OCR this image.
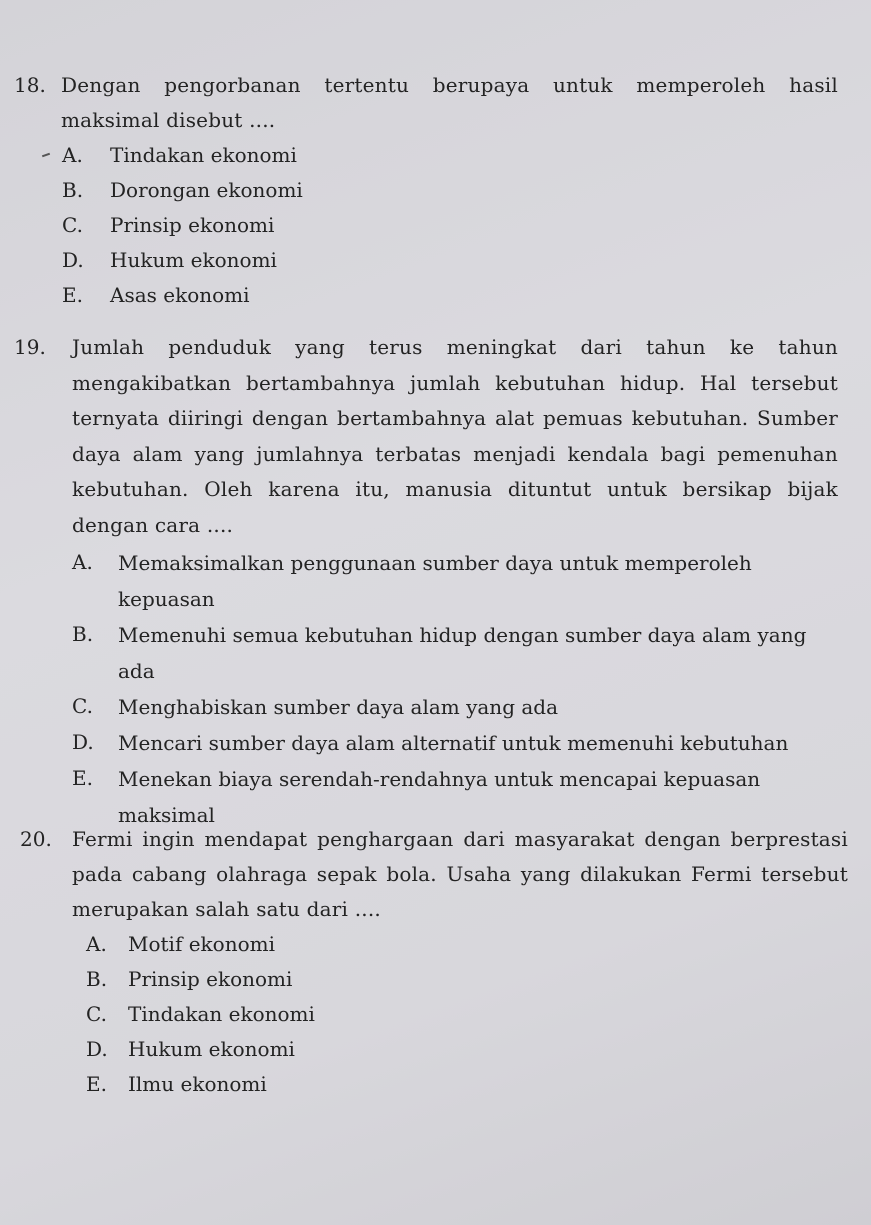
18. Dengan pengorbanan tertentu berupaya untuk memperoleh hasil maksimal disebut ....
A.	Tindakan ekonomi
B.	Dorongan ekonomi
C.	Prinsip ekonomi
D.	Hukum ekonomi
E.	Asas ekonomi
19. Jumlah penduduk yang terus meningkat dari tahun ke tahun mengakibatkan bertambahnya jumlah kebutuhan hidup. Hal tersebut ternyata diiringi dengan bertambahnya alat pemuas kebutuhan. Sumber daya alam yang jumlahnya terbatas menjadi kendala bagi pemenuhan kebutuhan. Oleh karena itu, manusia dituntut untuk bersikap bijak dengan cara ....
A.	Memaksimalkan penggunaan sumber daya untuk memperoleh kepuasan
B.	Memenuhi semua kebutuhan hidup dengan sumber daya alam yang ada
C.	Menghabiskan sumber daya alam yang ada
D.	Mencari sumber daya alam alternatif untuk memenuhi kebutuhan
E.	Menekan biaya serendah-rendahnya untuk mencapai kepuasan maksimal
20. Fermi ingin mendapat penghargaan dari masyarakat dengan berprestasi pada cabang olahraga sepak bola. Usaha yang dilakukan Fermi tersebut merupakan salah satu dari ....
A.	Motif ekonomi
B.	Prinsip ekonomi
C.	Tindakan ekonomi
D.	Hukum ekonomi
E.	Ilmu ekonomi
